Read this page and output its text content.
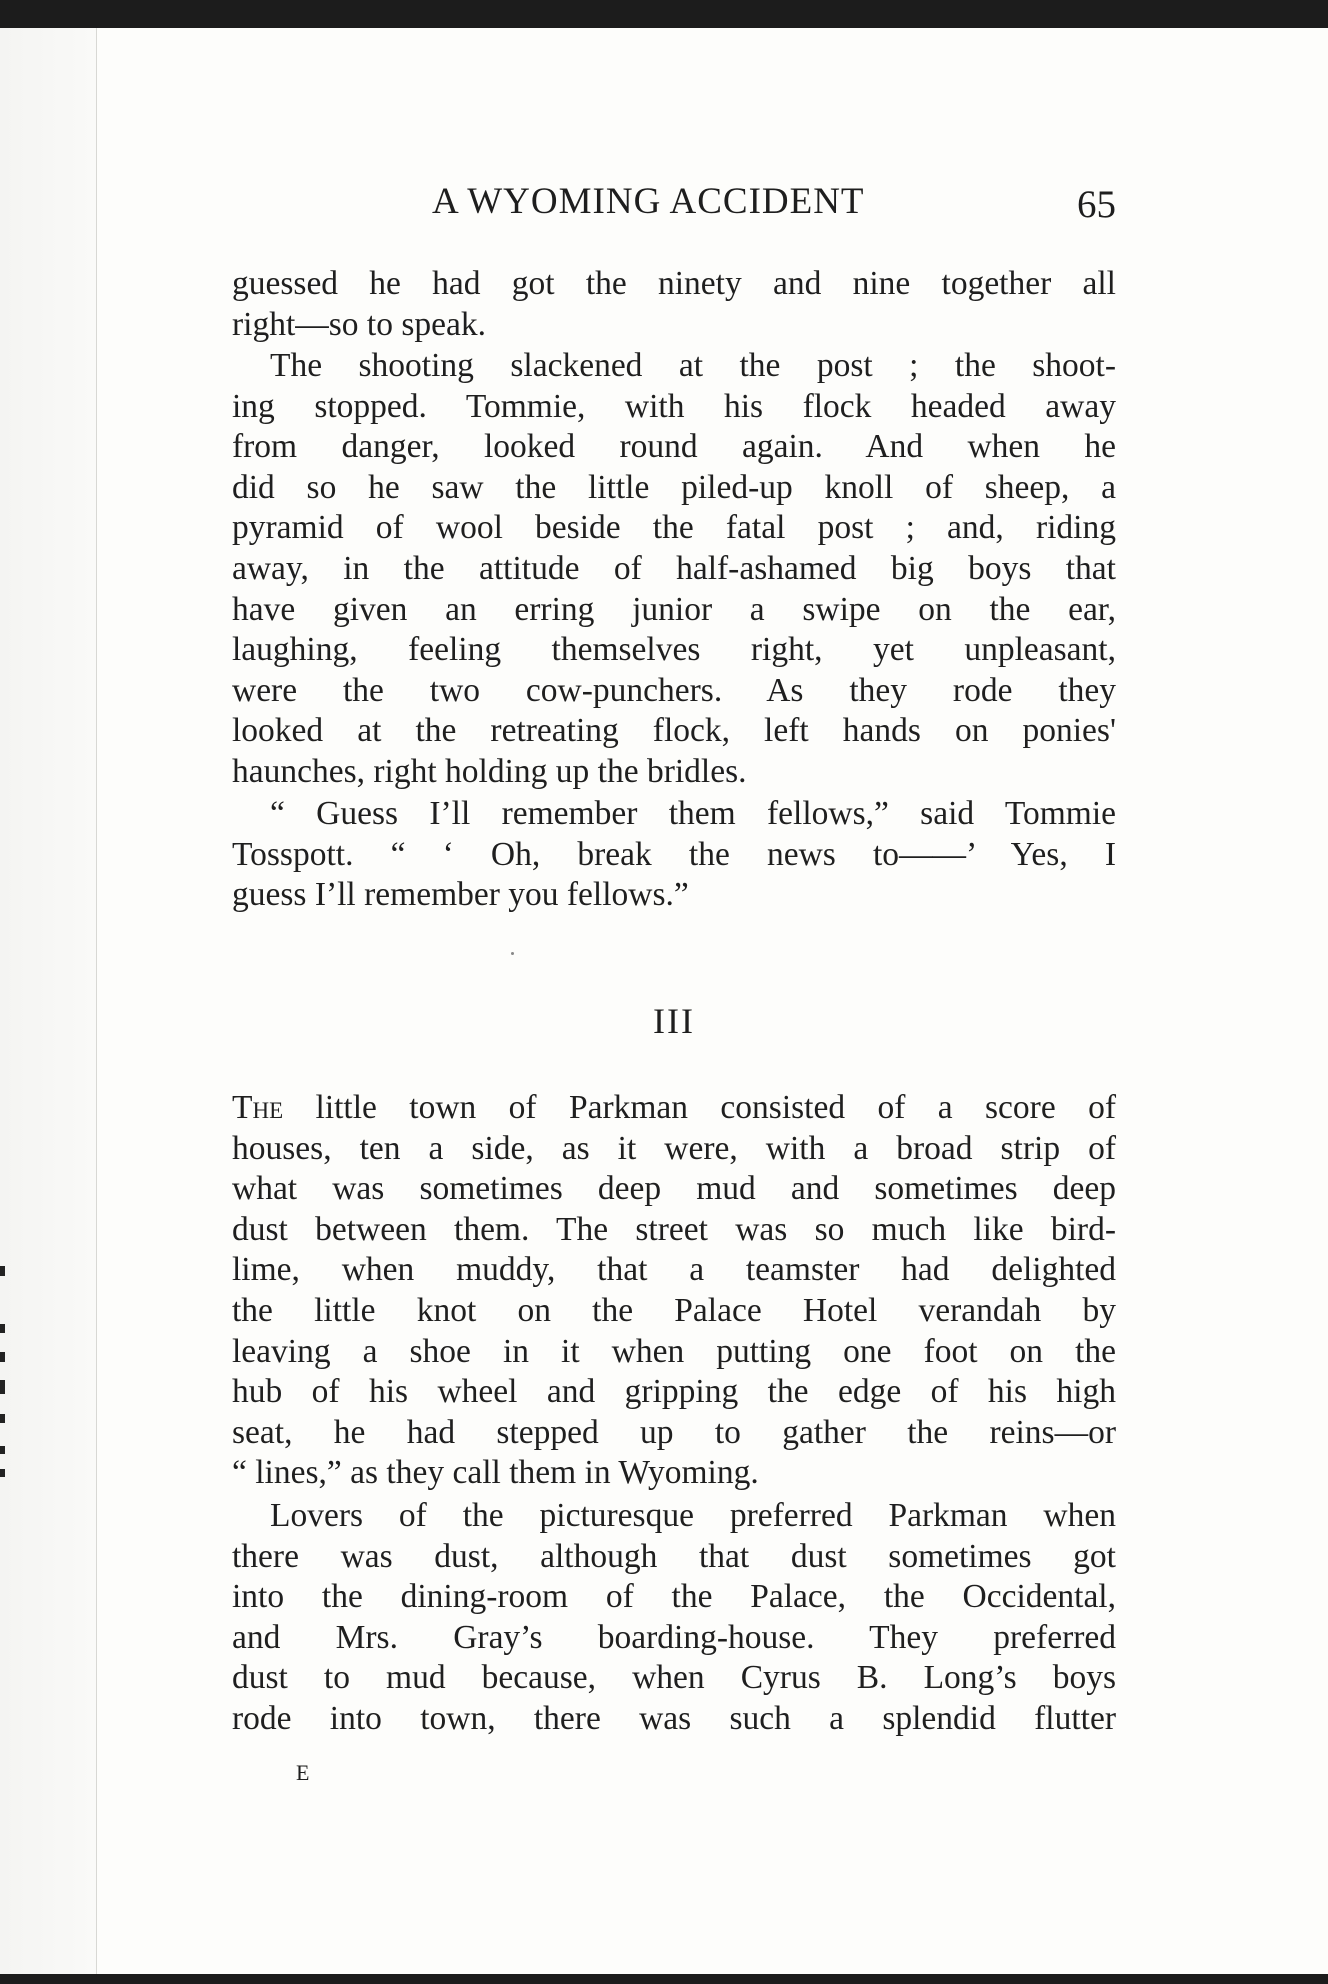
A WYOMING ACCIDENT	65
guessed he had got the ninety and nine together all
right—so to speak.
The shooting slackened at the post ; the shoot-
ing stopped. Tommie, with his flock headed away
from danger, looked round again. And when he
did so he saw the little piled-up knoll of sheep, a
pyramid of wool beside the fatal post ; and, riding
away, in the attitude of half-ashamed big boys that
have given an erring junior a swipe on the ear,
laughing, feeling themselves right, yet unpleasant,
were the two cow-punchers. As they rode they
looked at the retreating flock, left hands on ponies'
haunches, right holding up the bridles.
“ Guess I’ll remember them fellows,” said Tommie
Tosspott. “ ‘ Oh, break the news to——’ Yes, I
guess I’ll remember you fellows.”
III
The little town of Parkman consisted of a score of
houses, ten a side, as it were, with a broad strip of
what was sometimes deep mud and sometimes deep
dust between them. The street was so much like bird-
lime, when muddy, that a teamster had delighted
the little knot on the Palace Hotel verandah by
leaving a shoe in it when putting one foot on the
hub of his wheel and gripping the edge of his high
seat, he had stepped up to gather the reins—or
“ lines,” as they call them in Wyoming.
Lovers of the picturesque preferred Parkman when
there was dust, although that dust sometimes got
into the dining-room of the Palace, the Occidental,
and Mrs. Gray’s boarding-house. They preferred
dust to mud because, when Cyrus B. Long’s boys
rode into town, there was such a splendid flutter
E
